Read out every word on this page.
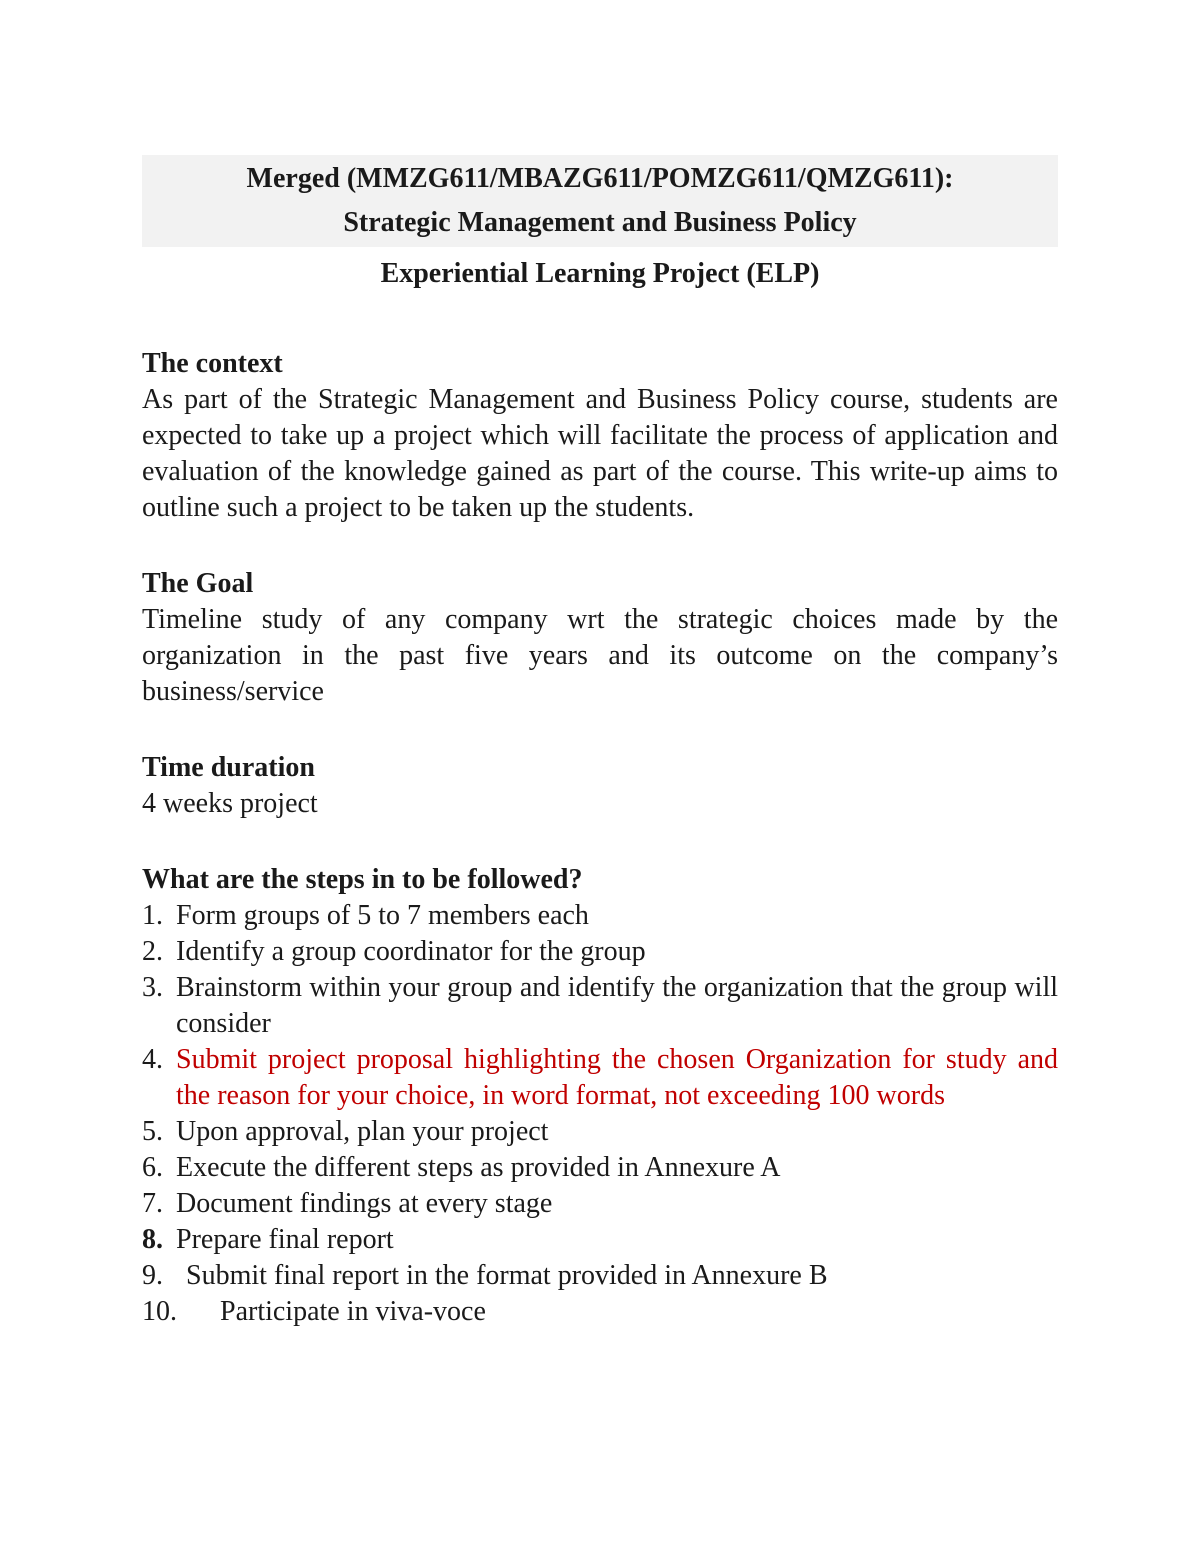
Merged (MMZG611/MBAZG611/POMZG611/QMZG611):

Strategic Management and Business Policy

Experiential Learning Project (ELP)

The context

As part of the Strategic Management and Business Policy course, students are expected to take up a project which will facilitate the process of application and evaluation of the knowledge gained as part of the course. This write-up aims to outline such a project to be taken up the students.

The Goal

Timeline study of any company wrt the strategic choices made by the organization in the past five years and its outcome on the company’s business/service

Time duration

4 weeks project

What are the steps in to be followed?

1. Form groups of 5 to 7 members each
2. Identify a group coordinator for the group
3. Brainstorm within your group and identify the organization that the group will consider
4. Submit project proposal highlighting the chosen Organization for study and the reason for your choice, in word format, not exceeding 100 words
5. Upon approval, plan your project
6. Execute the different steps as provided in Annexure A
7. Document findings at every stage
8. Prepare final report
9. Submit final report in the format provided in Annexure B
10.	Participate in viva-voce
